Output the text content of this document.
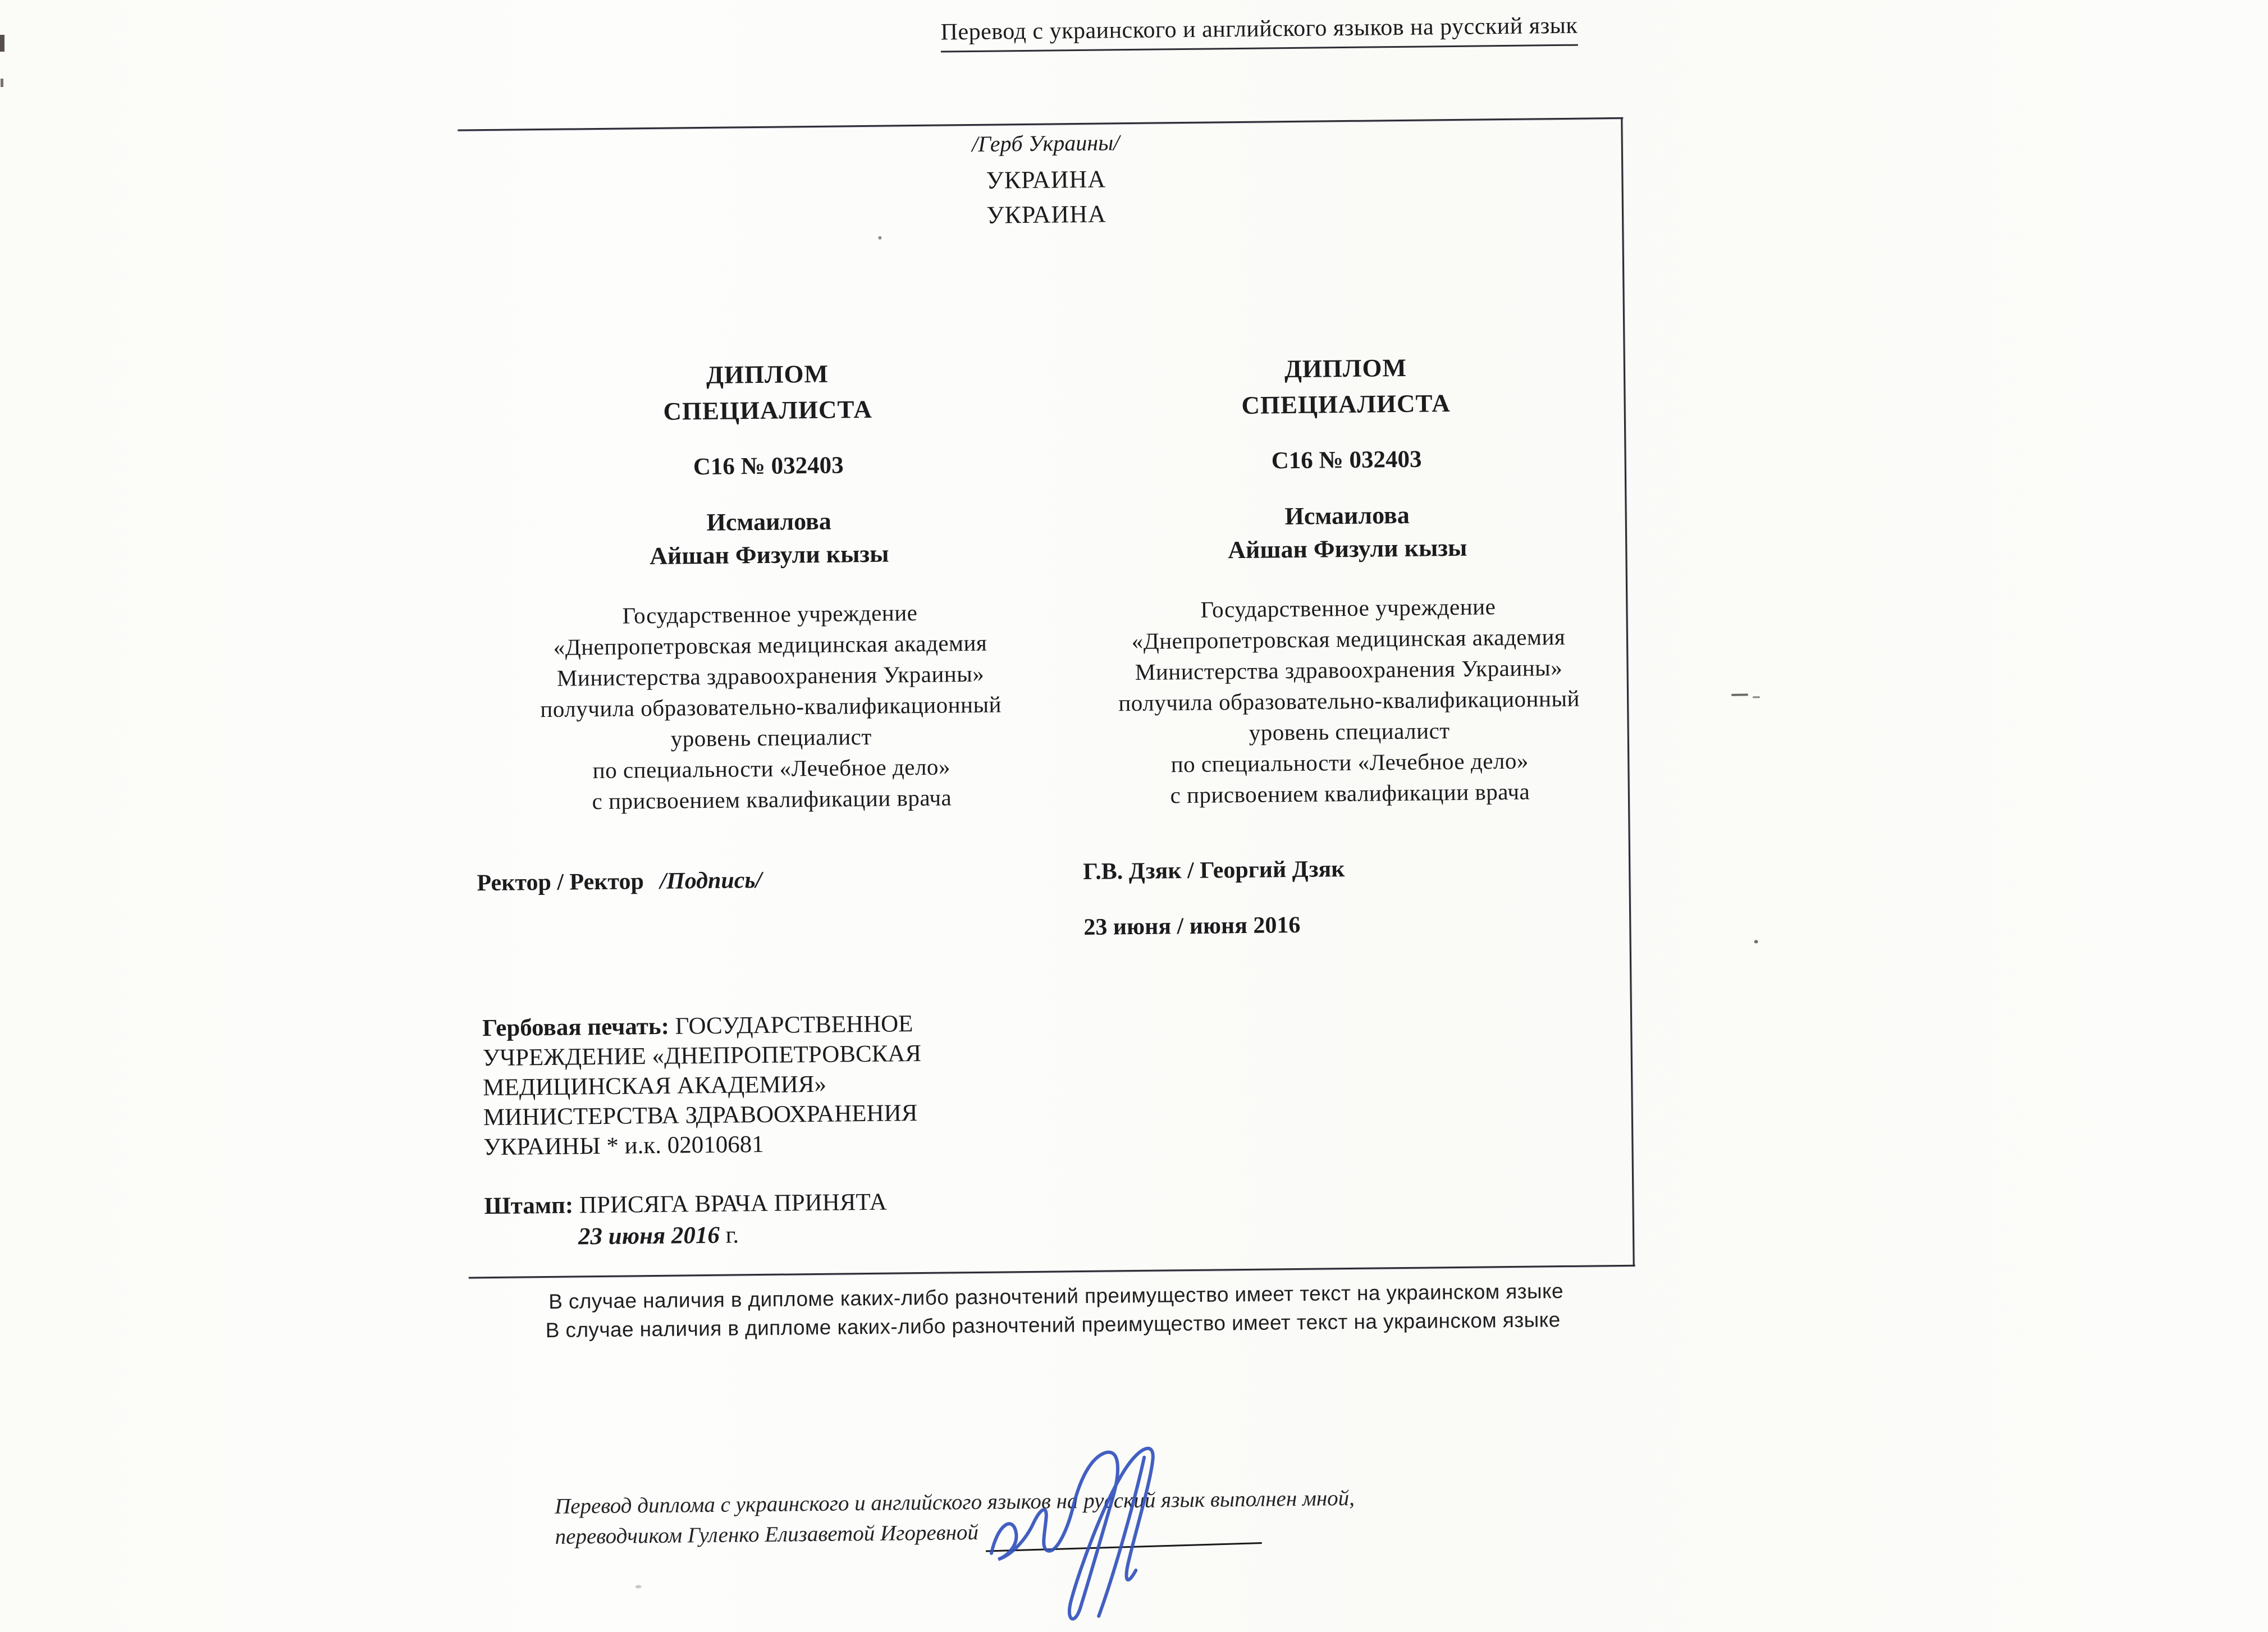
Перевод с украинского и английского языков на русский язык
/Герб Украины/
УКРАИНА
УКРАИНА
ДИПЛОМ
СПЕЦИАЛИСТА
С16 № 032403
Исмаилова
Айшан Физули кызы
Государственное учреждение
«Днепропетровская медицинская академия
Министерства здравоохранения Украины»
получила образовательно-квалификационный
уровень специалист
по специальности «Лечебное дело»
с присвоением квалификации врача
ДИПЛОМ
СПЕЦИАЛИСТА
С16 № 032403
Исмаилова
Айшан Физули кызы
Государственное учреждение
«Днепропетровская медицинская академия
Министерства здравоохранения Украины»
получила образовательно-квалификационный
уровень специалист
по специальности «Лечебное дело»
с присвоением квалификации врача
Ректор / Ректор /Подпись/	Г.В. Дзяк / Георгий Дзяк
23 июня / июня 2016
Гербовая печать: ГОСУДАРСТВЕННОЕ
УЧРЕЖДЕНИЕ «ДНЕПРОПЕТРОВСКАЯ
МЕДИЦИНСКАЯ АКАДЕМИЯ»
МИНИСТЕРСТВА ЗДРАВООХРАНЕНИЯ
УКРАИНЫ * и.к. 02010681
Штамп: ПРИСЯГА ВРАЧА ПРИНЯТА
23 июня 2016 г.
В случае наличия в дипломе каких-либо разночтений преимущество имеет текст на украинском языке
В случае наличия в дипломе каких-либо разночтений преимущество имеет текст на украинском языке
Перевод диплома с украинского и английского языков на русский язык выполнен мной,
переводчиком Гуленко Елизаветой Игоревной
